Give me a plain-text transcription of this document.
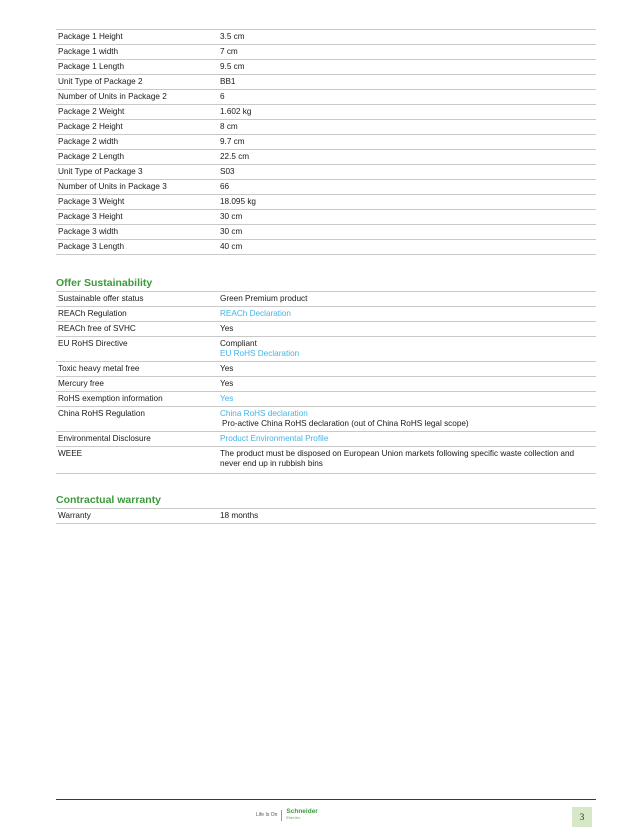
Package 1 Height	3.5 cm
Package 1 width	7 cm
Package 1 Length	9.5 cm
Unit Type of Package 2	BB1
Number of Units in Package 2	6
Package 2 Weight	1.602 kg
Package 2 Height	8 cm
Package 2 width	9.7 cm
Package 2 Length	22.5 cm
Unit Type of Package 3	S03
Number of Units in Package 3	66
Package 3 Weight	18.095 kg
Package 3 Height	30 cm
Package 3 width	30 cm
Package 3 Length	40 cm
Offer Sustainability
Sustainable offer status	Green Premium product
REACh Regulation	REACh Declaration
REACh free of SVHC	Yes
EU RoHS Directive	Compliant
EU RoHS Declaration

Toxic heavy metal free	Yes
Mercury free	Yes
RoHS exemption information	Yes
China RoHS Regulation	China RoHS declaration
Pro-active China RoHS declaration (out of China RoHS legal scope)

Environmental Disclosure	Product Environmental Profile
WEEE	The product must be disposed on European Union markets following specific waste collection and never end up in rubbish bins
Contractual warranty
Warranty	18 months
Life Is On Schneider
Electric	3
